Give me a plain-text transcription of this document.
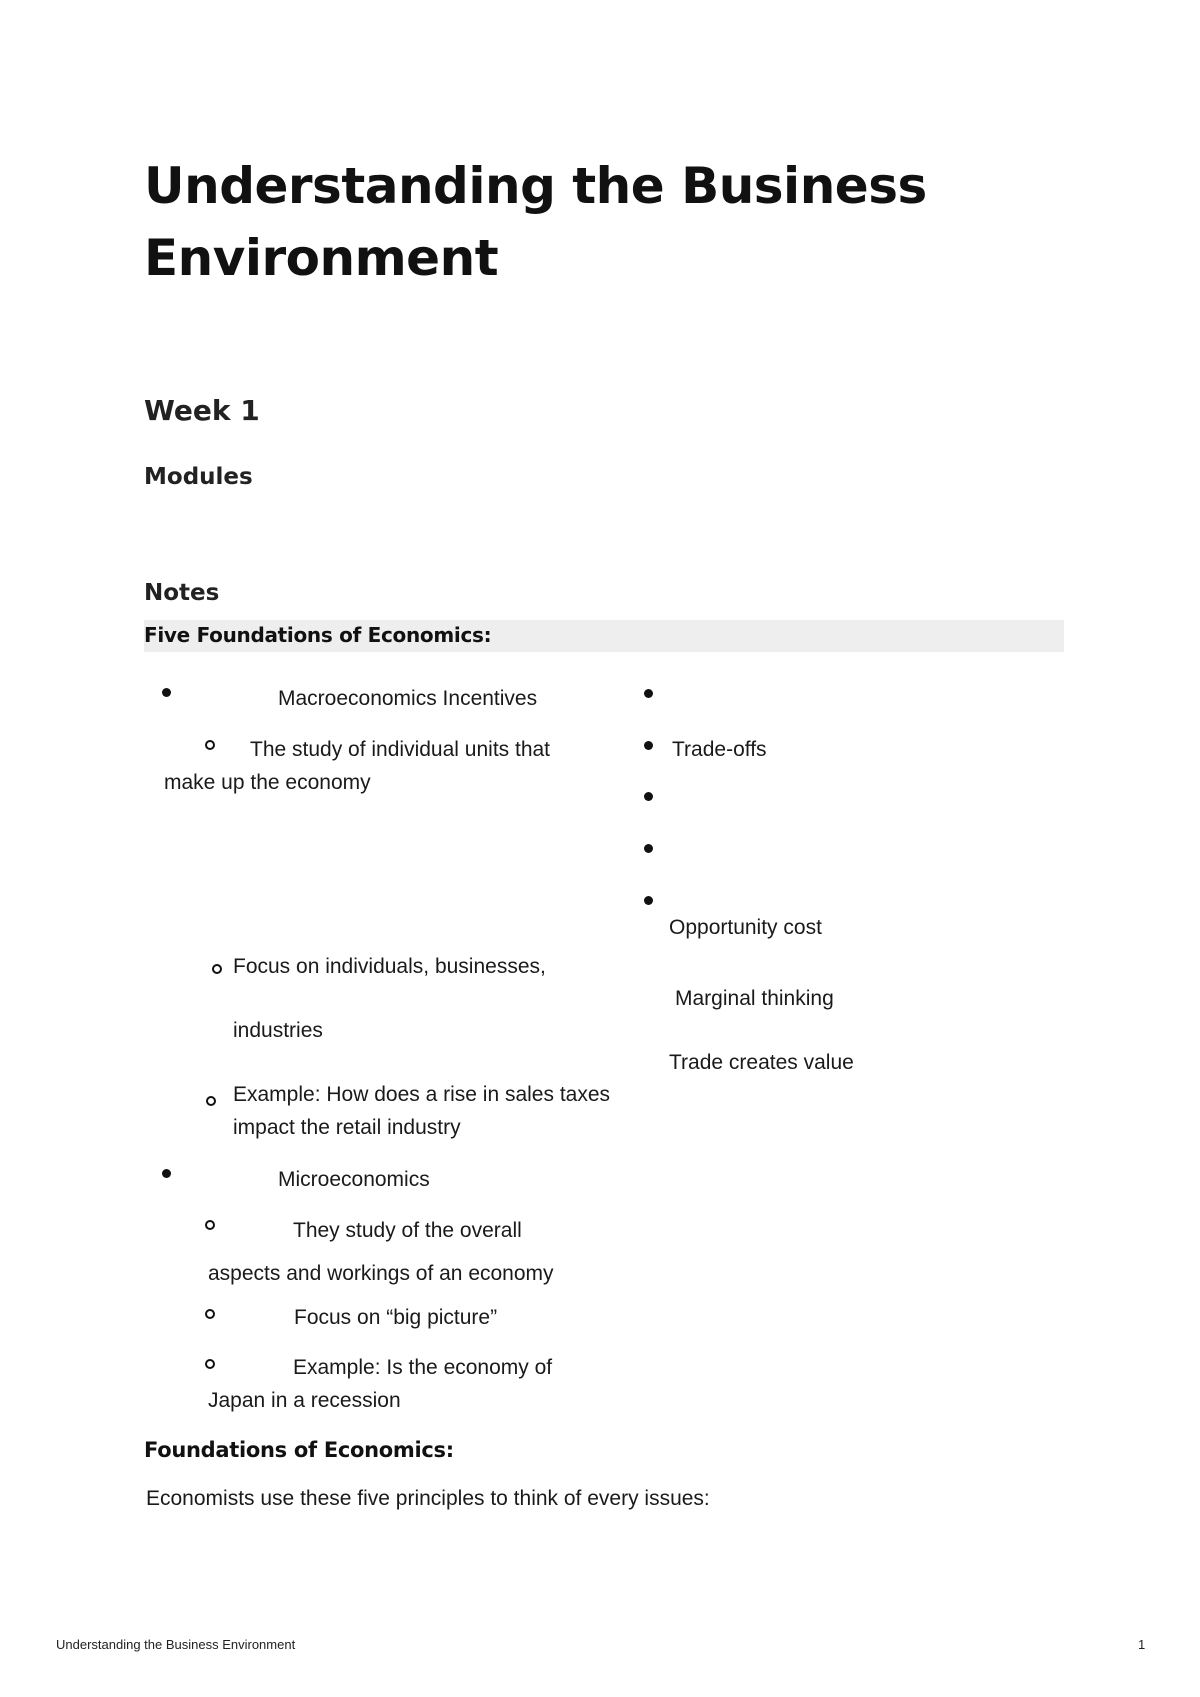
Understanding the Business
Environment
Week 1
Modules
Notes
Five Foundations of Economics:
Macroeconomics Incentives
The study of individual units that
make up the economy
Focus on individuals, businesses,
industries
Example: How does a rise in sales taxes
impact the retail industry
Microeconomics
They study of the overall
aspects and workings of an economy
Focus on “big picture”
Example: Is the economy of
Japan in a recession
Trade-offs
Opportunity cost
Marginal thinking
Trade creates value
Foundations of Economics:
Economists use these five principles to think of every issues:
Understanding the Business Environment	1
